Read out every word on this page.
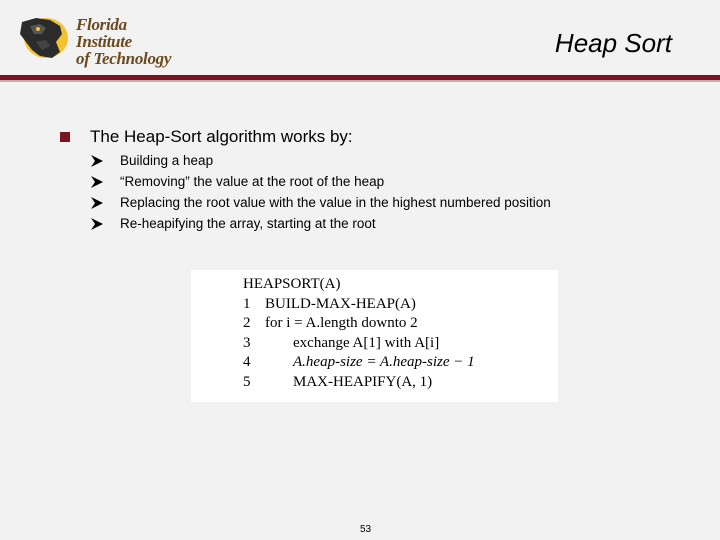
Florida Institute
of Technology
Heap Sort
The Heap-Sort algorithm works by:
Building a heap
“Removing” the value at the root of the heap
Replacing the root value with the value in the highest numbered position
Re-heapifying the array, starting at the root
HEAPSORT(A)
1 BUILD-MAX-HEAP(A)
2 for i = A.length downto 2
3	exchange A[1] with A[i]
4	A.heap-size = A.heap-size − 1
5	MAX-HEAPIFY(A, 1)
53
